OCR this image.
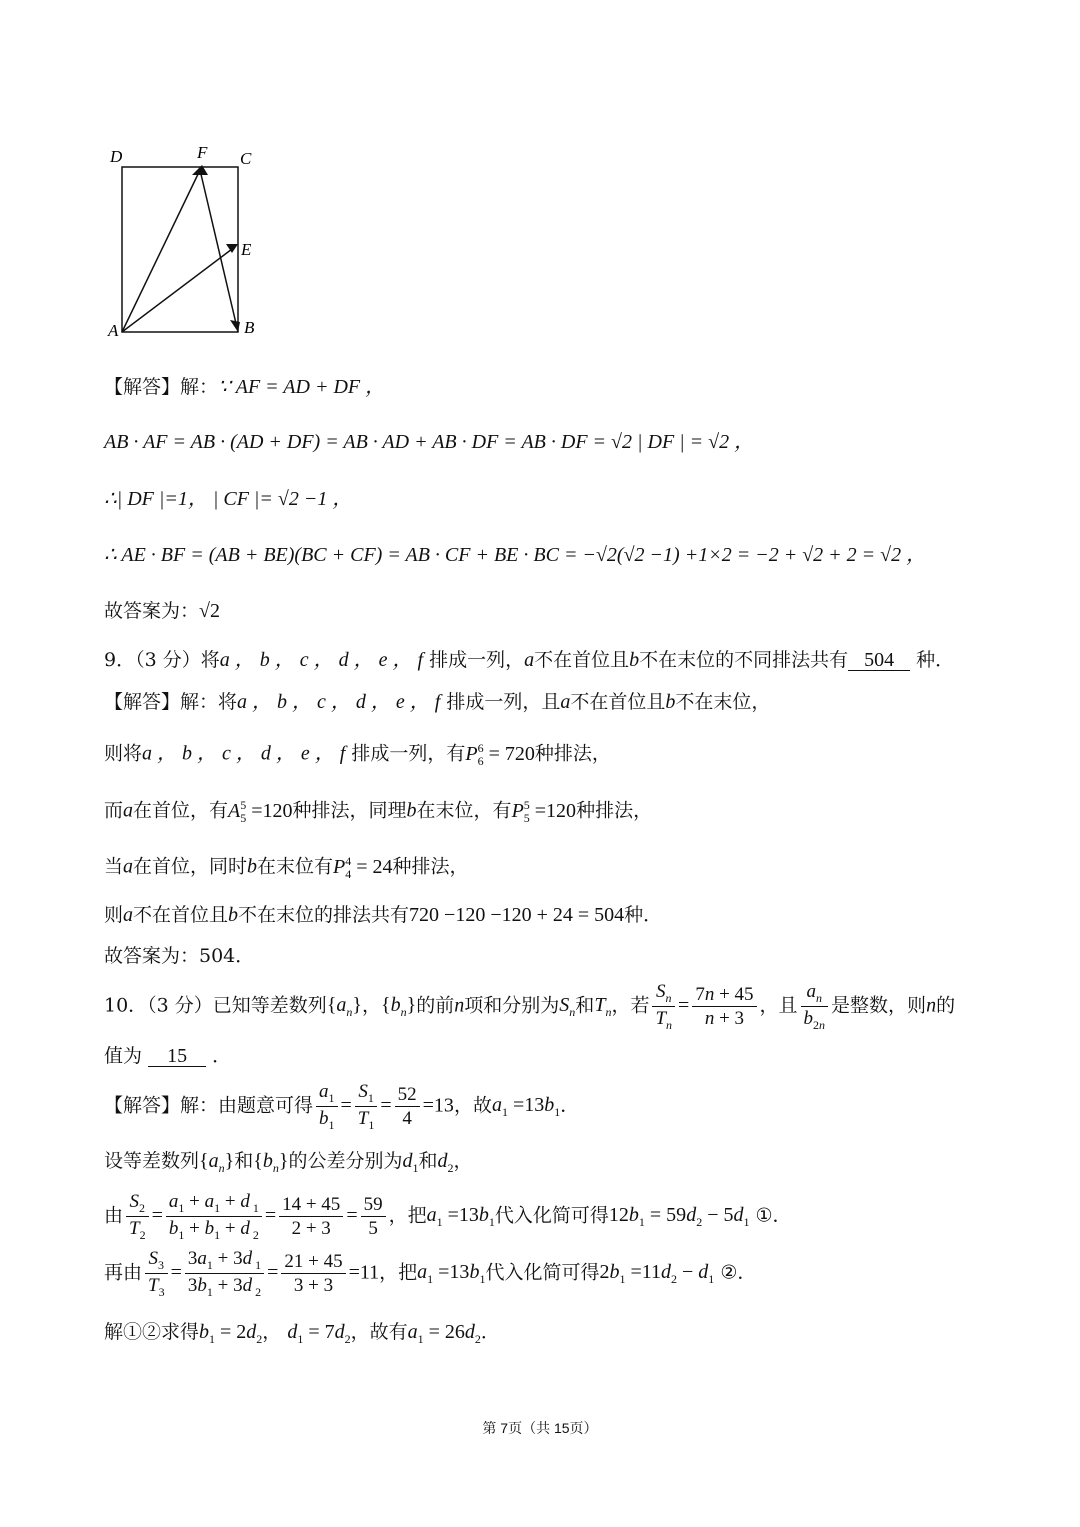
D	F C
E
A	B
【解答】解：∵ AF = AD + DF ，
AB · AF = AB · (AD + DF) = AB · AD + AB · DF = AB · DF = √2 | DF | = √2 ，
∴| DF |=1， | CF |= √2 −1 ，
∴ AE · BF = (AB + BE)(BC + CF) = AB · CF + BE · BC = −√2(√2 −1) +1×2 = −2 + √2 + 2 = √2 ，
故答案为：√2
9．（3 分）将a ， b ， c ， d ， e ， f 排成一列，a不在首位且b不在末位的不同排法共有 504 种．
【解答】解：将a ， b ， c ， d ， e ， f 排成一列，且a不在首位且b不在末位，
则将a ， b ， c ， d ， e ， f 排成一列，有$P_6^6 = 720$种排法，
而a在首位，有$A_5^5 =120$种排法，同理b在末位，有$P_5^5 =120$种排法，
当a在首位，同时b在末位有$P_4^4 = 24$种排法，
则a不在首位且b不在末位的排法共有720 −120 −120 + 24 = 504种．
故答案为：504．
10．（3 分）已知等差数列$\{a_n\}$，$\{b_n\}$的前n项和分别为$S_n$和$T_n$，若 $\frac{S_n}{T_n} = \frac{7n + 45}{n + 3}$ ，且 $\frac{a_n}{b_{2n}}$ 是整数，则n的
值为 15 ．
【解答】解：由题意可得 $\frac{a_1}{b_1} = \frac{S_1}{T_1} = \frac{52}{4} =13$，故$a_1 =13b_1$．
设等差数列$\{a_n\}$和$\{b_n\}$的公差分别为$d_1$和$d_2$，
由 $\frac{S_2}{T_2} = \frac{a_1 + a_1 + d _1}{b_1 + b_1 + d _2} = \frac{14 + 45}{2 + 3} = \frac{59}{5}$ ，把$a_1 =13b_1$代入化简可得$12b_1 = 59d_2 - 5d_1$ ①．
再由 $\frac{S_3}{T_3} = \frac{3a_1 + 3d _1}{3b_1 + 3d _2} = \frac{21 + 45}{3 + 3} =11$，把$a_1 =13b_1$代入化简可得$2b_1 =11d_2 - d_1$ ②．
解①②求得$b_1 = 2d_2$， $d_1 = 7d_2$，故有$a_1 = 26d_2$．
第 7页（共 15页）
